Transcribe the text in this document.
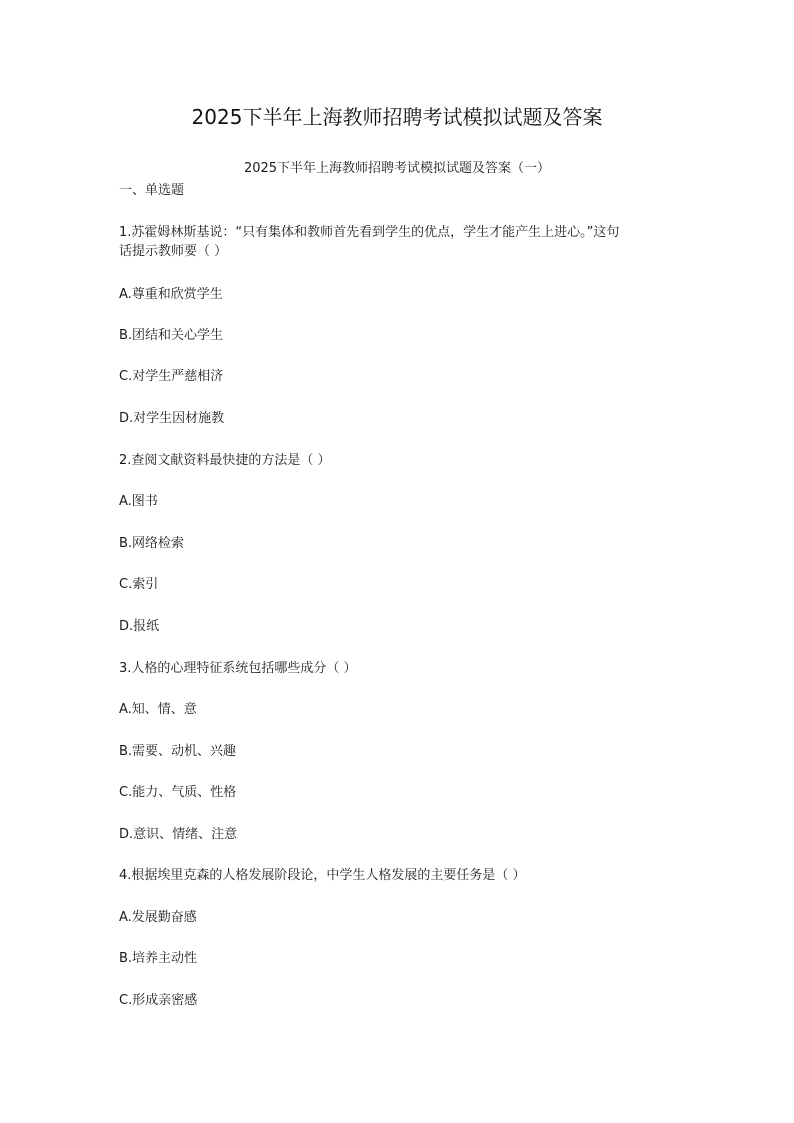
2025下半年上海教师招聘考试模拟试题及答案
2025下半年上海教师招聘考试模拟试题及答案（一）
一、单选题
1.苏霍姆林斯基说：“只有集体和教师首先看到学生的优点，学生才能产生上进心。”这句
话提示教师要（ ）
A.尊重和欣赏学生
B.团结和关心学生
C.对学生严慈相济
D.对学生因材施教
2.查阅文献资料最快捷的方法是（ ）
A.图书
B.网络检索
C.索引
D.报纸
3.人格的心理特征系统包括哪些成分（ ）
A.知、情、意
B.需要、动机、兴趣
C.能力、气质、性格
D.意识、情绪、注意
4.根据埃里克森的人格发展阶段论，中学生人格发展的主要任务是（ ）
A.发展勤奋感
B.培养主动性
C.形成亲密感
